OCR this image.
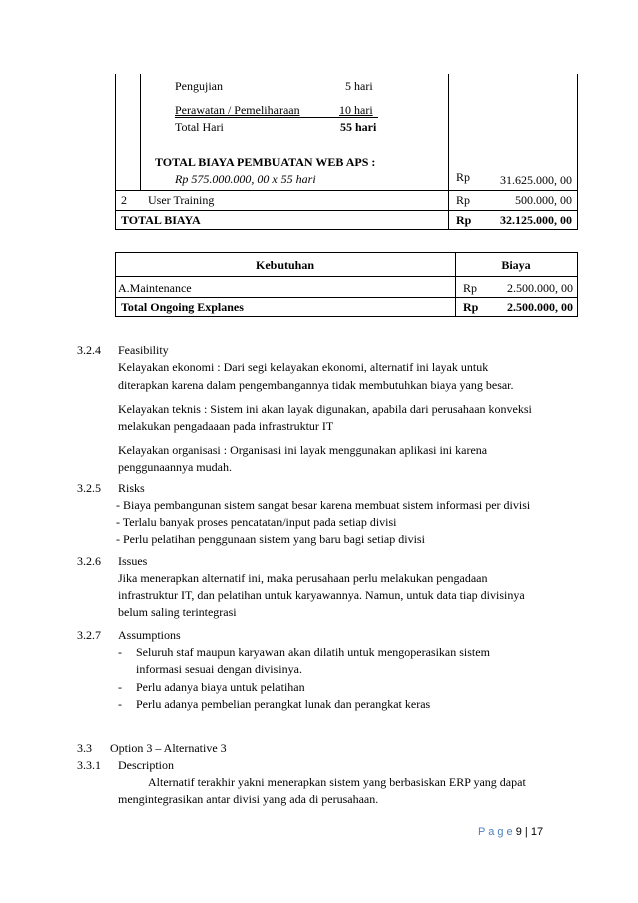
Pengujian	5 hari
Perawatan / Pemeliharaan	10 hari
Total Hari	55 hari
TOTAL BIAYA PEMBUATAN WEB APS :
Rp 575.000.000, 00 x 55 hari	Rp	31.625.000, 00
2 User Training	Rp	500.000, 00
TOTAL BIAYA	Rp	32.125.000, 00
Kebutuhan	Biaya
A.Maintenance	Rp	2.500.000, 00
Total Ongoing Explanes	Rp	2.500.000, 00
3.2.4 Feasibility
Kelayakan ekonomi : Dari segi kelayakan ekonomi, alternatif ini layak untuk
diterapkan karena dalam pengembangannya tidak membutuhkan biaya yang besar.
Kelayakan teknis : Sistem ini akan layak digunakan, apabila dari perusahaan konveksi
melakukan pengadaaan pada infrastruktur IT
Kelayakan organisasi : Organisasi ini layak menggunakan aplikasi ini karena
penggunaannya mudah.
3.2.5 Risks
- Biaya pembangunan sistem sangat besar karena membuat sistem informasi per divisi
- Terlalu banyak proses pencatatan/input pada setiap divisi
- Perlu pelatihan penggunaan sistem yang baru bagi setiap divisi
3.2.6 Issues
Jika menerapkan alternatif ini, maka perusahaan perlu melakukan pengadaan
infrastruktur IT, dan pelatihan untuk karyawannya. Namun, untuk data tiap divisinya
belum saling terintegrasi
3.2.7 Assumptions
- Seluruh staf maupun karyawan akan dilatih untuk mengoperasikan sistem
informasi sesuai dengan divisinya.
- Perlu adanya biaya untuk pelatihan
- Perlu adanya pembelian perangkat lunak dan perangkat keras
3.3 Option 3 – Alternative 3
3.3.1 Description
Alternatif terakhir yakni menerapkan sistem yang berbasiskan ERP yang dapat
mengintegrasikan antar divisi yang ada di perusahaan.
P a g e 9 | 17
